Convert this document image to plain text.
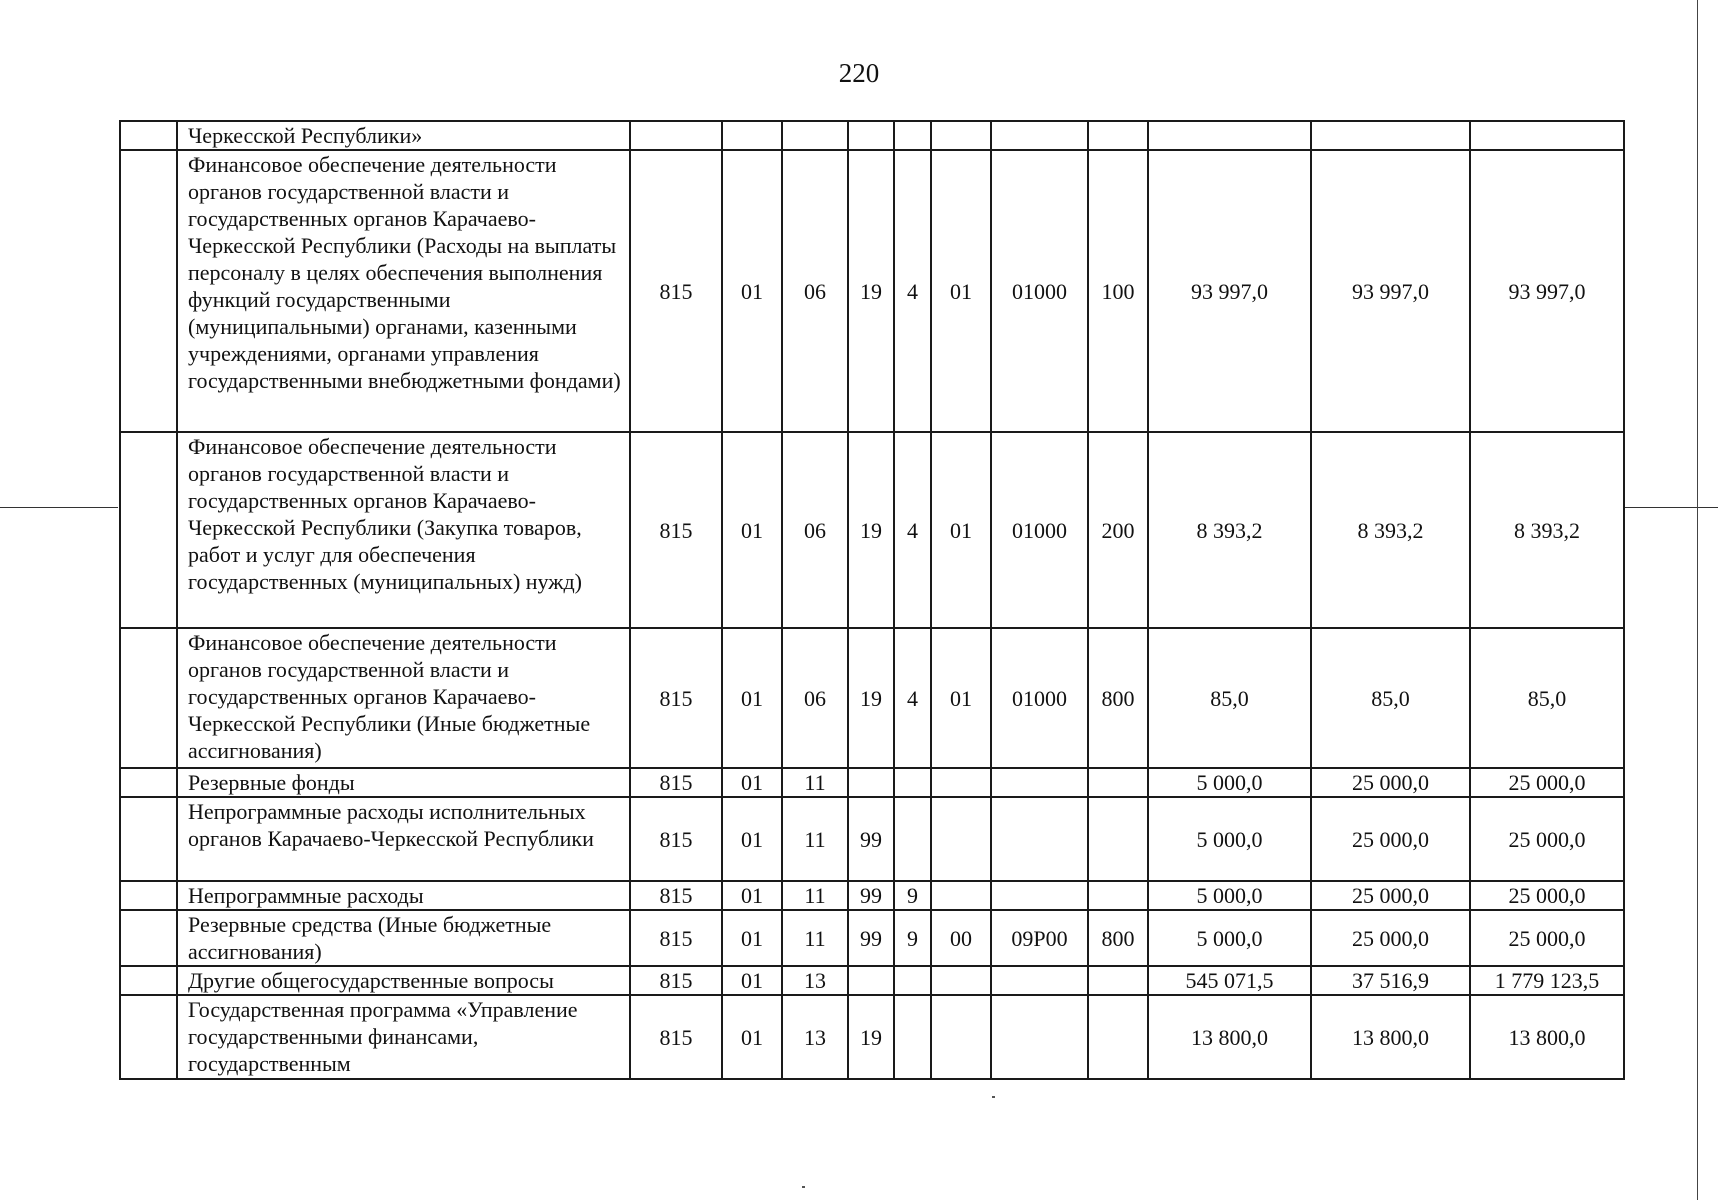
220
	Черкесской Республики»											
	Финансовое обеспечение деятельности органов государственной власти и государственных органов Карачаево-Черкесской Республики (Расходы на выплаты персоналу в целях обеспечения выполнения функций государственными (муниципальными) органами, казенными учреждениями, органами управления государственными внебюджетными фондами)	815	01	06	19	4	01	01000	100	93 997,0	93 997,0	93 997,0
	Финансовое обеспечение деятельности органов государственной власти и государственных органов Карачаево-Черкесской Республики (Закупка товаров, работ и услуг для обеспечения государственных (муниципальных) нужд)	815	01	06	19	4	01	01000	200	8 393,2	8 393,2	8 393,2
	Финансовое обеспечение деятельности органов государственной власти и государственных органов Карачаево-Черкесской Республики (Иные бюджетные ассигнования)	815	01	06	19	4	01	01000	800	85,0	85,0	85,0
	Резервные фонды	815	01	11						5 000,0	25 000,0	25 000,0
	Непрограммные расходы исполнительных органов Карачаево-Черкесской Республики	815	01	11	99					5 000,0	25 000,0	25 000,0
	Непрограммные расходы	815	01	11	99	9				5 000,0	25 000,0	25 000,0
	Резервные средства (Иные бюджетные ассигнования)	815	01	11	99	9	00	09Р00	800	5 000,0	25 000,0	25 000,0
	Другие общегосударственные вопросы	815	01	13						545 071,5	37 516,9	1 779 123,5
	Государственная программа «Управление государственными финансами, государственным	815	01	13	19					13 800,0	13 800,0	13 800,0
